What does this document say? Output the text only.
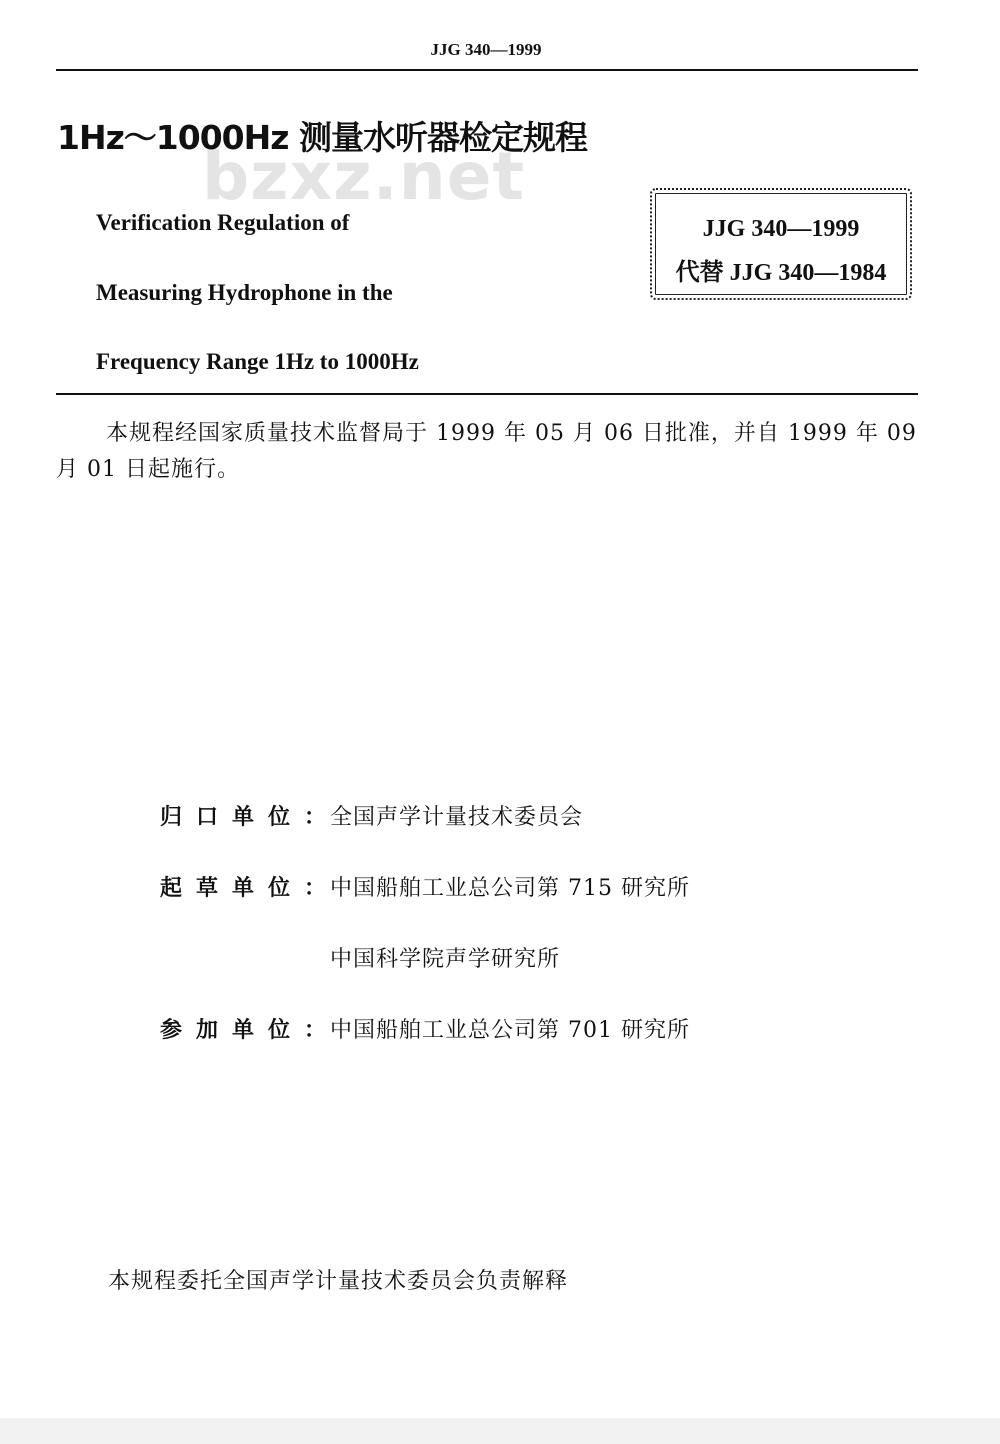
JJG 340—1999
bzxz.net
1Hz～1000Hz 测量水听器检定规程
Verification Regulation of
Measuring Hydrophone in the
Frequency Range 1Hz to 1000Hz
JJG 340—1999
代替 JJG 340—1984
本规程经国家质量技术监督局于 1999 年 05 月 06 日批准，并自 1999 年 09 月 01 日起施行。
归口单位：全国声学计量技术委员会
起草单位：中国船舶工业总公司第 715 研究所
中国科学院声学研究所
参加单位：中国船舶工业总公司第 701 研究所
本规程委托全国声学计量技术委员会负责解释
